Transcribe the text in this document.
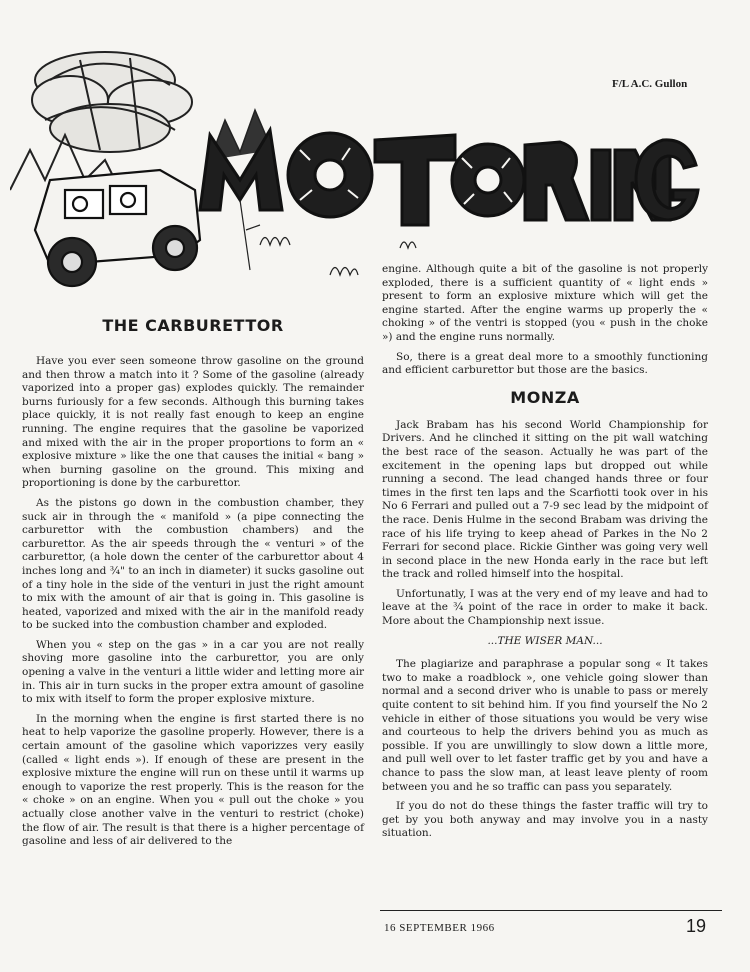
F/L A.C. Gullon
THE CARBURETTOR

Have you ever seen someone throw gasoline on the ground and then throw a match into it ? Some of the gasoline (already vaporized into a proper gas) explodes quickly. The remainder burns furiously for a few seconds. Although this burning takes place quickly, it is not really fast enough to keep an engine running. The engine requires that the gasoline be vaporized and mixed with the air in the proper proportions to form an « explosive mixture » like the one that causes the initial « bang » when burning gasoline on the ground. This mixing and proportioning is done by the carburettor.

As the pistons go down in the combustion chamber, they suck air in through the « manifold » (a pipe connecting the carburettor with the combustion chambers) and the carburettor. As the air speeds through the « venturi » of the carburettor, (a hole down the center of the carburettor about 4 inches long and ¾" to an inch in diameter) it sucks gasoline out of a tiny hole in the side of the venturi in just the right amount to mix with the amount of air that is going in. This gasoline is heated, vaporized and mixed with the air in the manifold ready to be sucked into the combustion chamber and exploded.

When you « step on the gas » in a car you are not really shoving more gasoline into the carburettor, you are only opening a valve in the venturi a little wider and letting more air in. This air in turn sucks in the proper extra amount of gasoline to mix with itself to form the proper explosive mixture.

In the morning when the engine is first started there is no heat to help vaporize the gasoline properly. However, there is a certain amount of the gasoline which vaporizzes very easily (called « light ends »). If enough of these are present in the explosive mixture the engine will run on these until it warms up enough to vaporize the rest properly. This is the reason for the « choke » on an engine. When you « pull out the choke » you actually close another valve in the venturi to restrict (choke) the flow of air. The result is that there is a higher percentage of gasoline and less of air delivered to the

engine. Although quite a bit of the gasoline is not properly exploded, there is a sufficient quantity of « light ends » present to form an explosive mixture which will get the engine started. After the engine warms up properly the « choking » of the ventri is stopped (you « push in the choke ») and the engine runs normally.

So, there is a great deal more to a smoothly functioning and efficient carburettor but those are the basics.

MONZA

Jack Brabam has his second World Championship for Drivers. And he clinched it sitting on the pit wall watching the best race of the season. Actually he was part of the excitement in the opening laps but dropped out while running a second. The lead changed hands three or four times in the first ten laps and the Scarfiotti took over in his No 6 Ferrari and pulled out a 7-9 sec lead by the midpoint of the race. Denis Hulme in the second Brabam was driving the race of his life trying to keep ahead of Parkes in the No 2 Ferrari for second place. Rickie Ginther was going very well in second place in the new Honda early in the race but left the track and rolled himself into the hospital.

Unfortunatly, I was at the very end of my leave and had to leave at the ¾ point of the race in order to make it back. More about the Championship next issue.

...THE WISER MAN...

The plagiarize and paraphrase a popular song « It takes two to make a roadblock », one vehicle going slower than normal and a second driver who is unable to pass or merely quite content to sit behind him. If you find yourself the No 2 vehicle in either of those situations you would be very wise and courteous to help the drivers behind you as much as possible. If you are unwillingly to slow down a little more, and pull well over to let faster traffic get by you and have a chance to pass the slow man, at least leave plenty of room between you and he so traffic can pass you separately.

If you do not do these things the faster traffic will try to get by you both anyway and may involve you in a nasty situation.

16 SEPTEMBER 1966	19
